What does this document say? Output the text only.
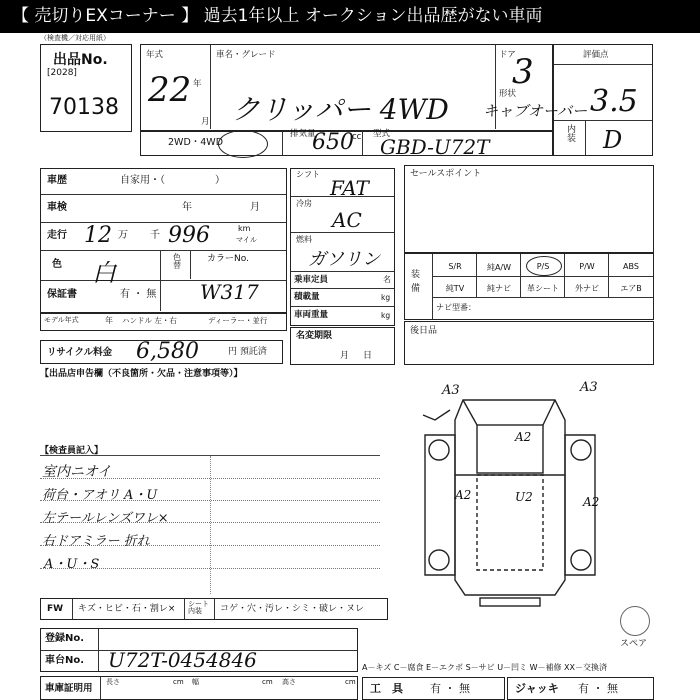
【 売切りEXコーナー 】 過去1年以上 オークション出品歴がない車両
（検査機／対応用紙）
出品No.
[2028]
70138
年式
年
月
22
車名・グレード
クリッパー 4WD
ドア
3
形状
キャブオーバー
評価点
3.5
内装 D
2WD・4WD
排気量
650
cc 型式
GBD-U72T
車歴	自家用・（　　　　　）
車検	年	月
走行 12 万 996
千
km
マイル
色 白
色替
カラーNo.
W317
保証書	有 ・ 無
モデル年式	年 ハンドル 左・右	ディーラー・並行
リサイクル料金 6,580	円 預託済
シフト
FAT
冷房
AC
燃料
ガソリン
乗車定員	名
積載量	kg
車両重量	kg
名変期限
月日
セールスポイント
装備
S/R	純A/W	P/S	P/W	ABS
純TV	純ナビ	革シート	外ナビ	エアB
ナビ型番：
後日品
【出品店申告欄（不良箇所・欠品・注意事項等）】
【検査員記入】
室内ニオイ
荷台・アオリ A・U
左テールレンズワレ×
右ドアミラー 折れ
A・U・S
A3	A3
A2
A2	U2	A2
FW キズ・ヒビ・石・割レ× シート内装	コゲ・穴・汚レ・シミ・破レ・ヌレ
スペア
登録No.
車台No. U72T-0454846	A－キズ C－腐食 E－エクボ S－サビ U－凹ミ W－補修 XX－交換済
車庫証明用
長さ	cm 幅	cm 高さ	cm 工　具 有 ・ 無	ジャッキ 有 ・ 無
